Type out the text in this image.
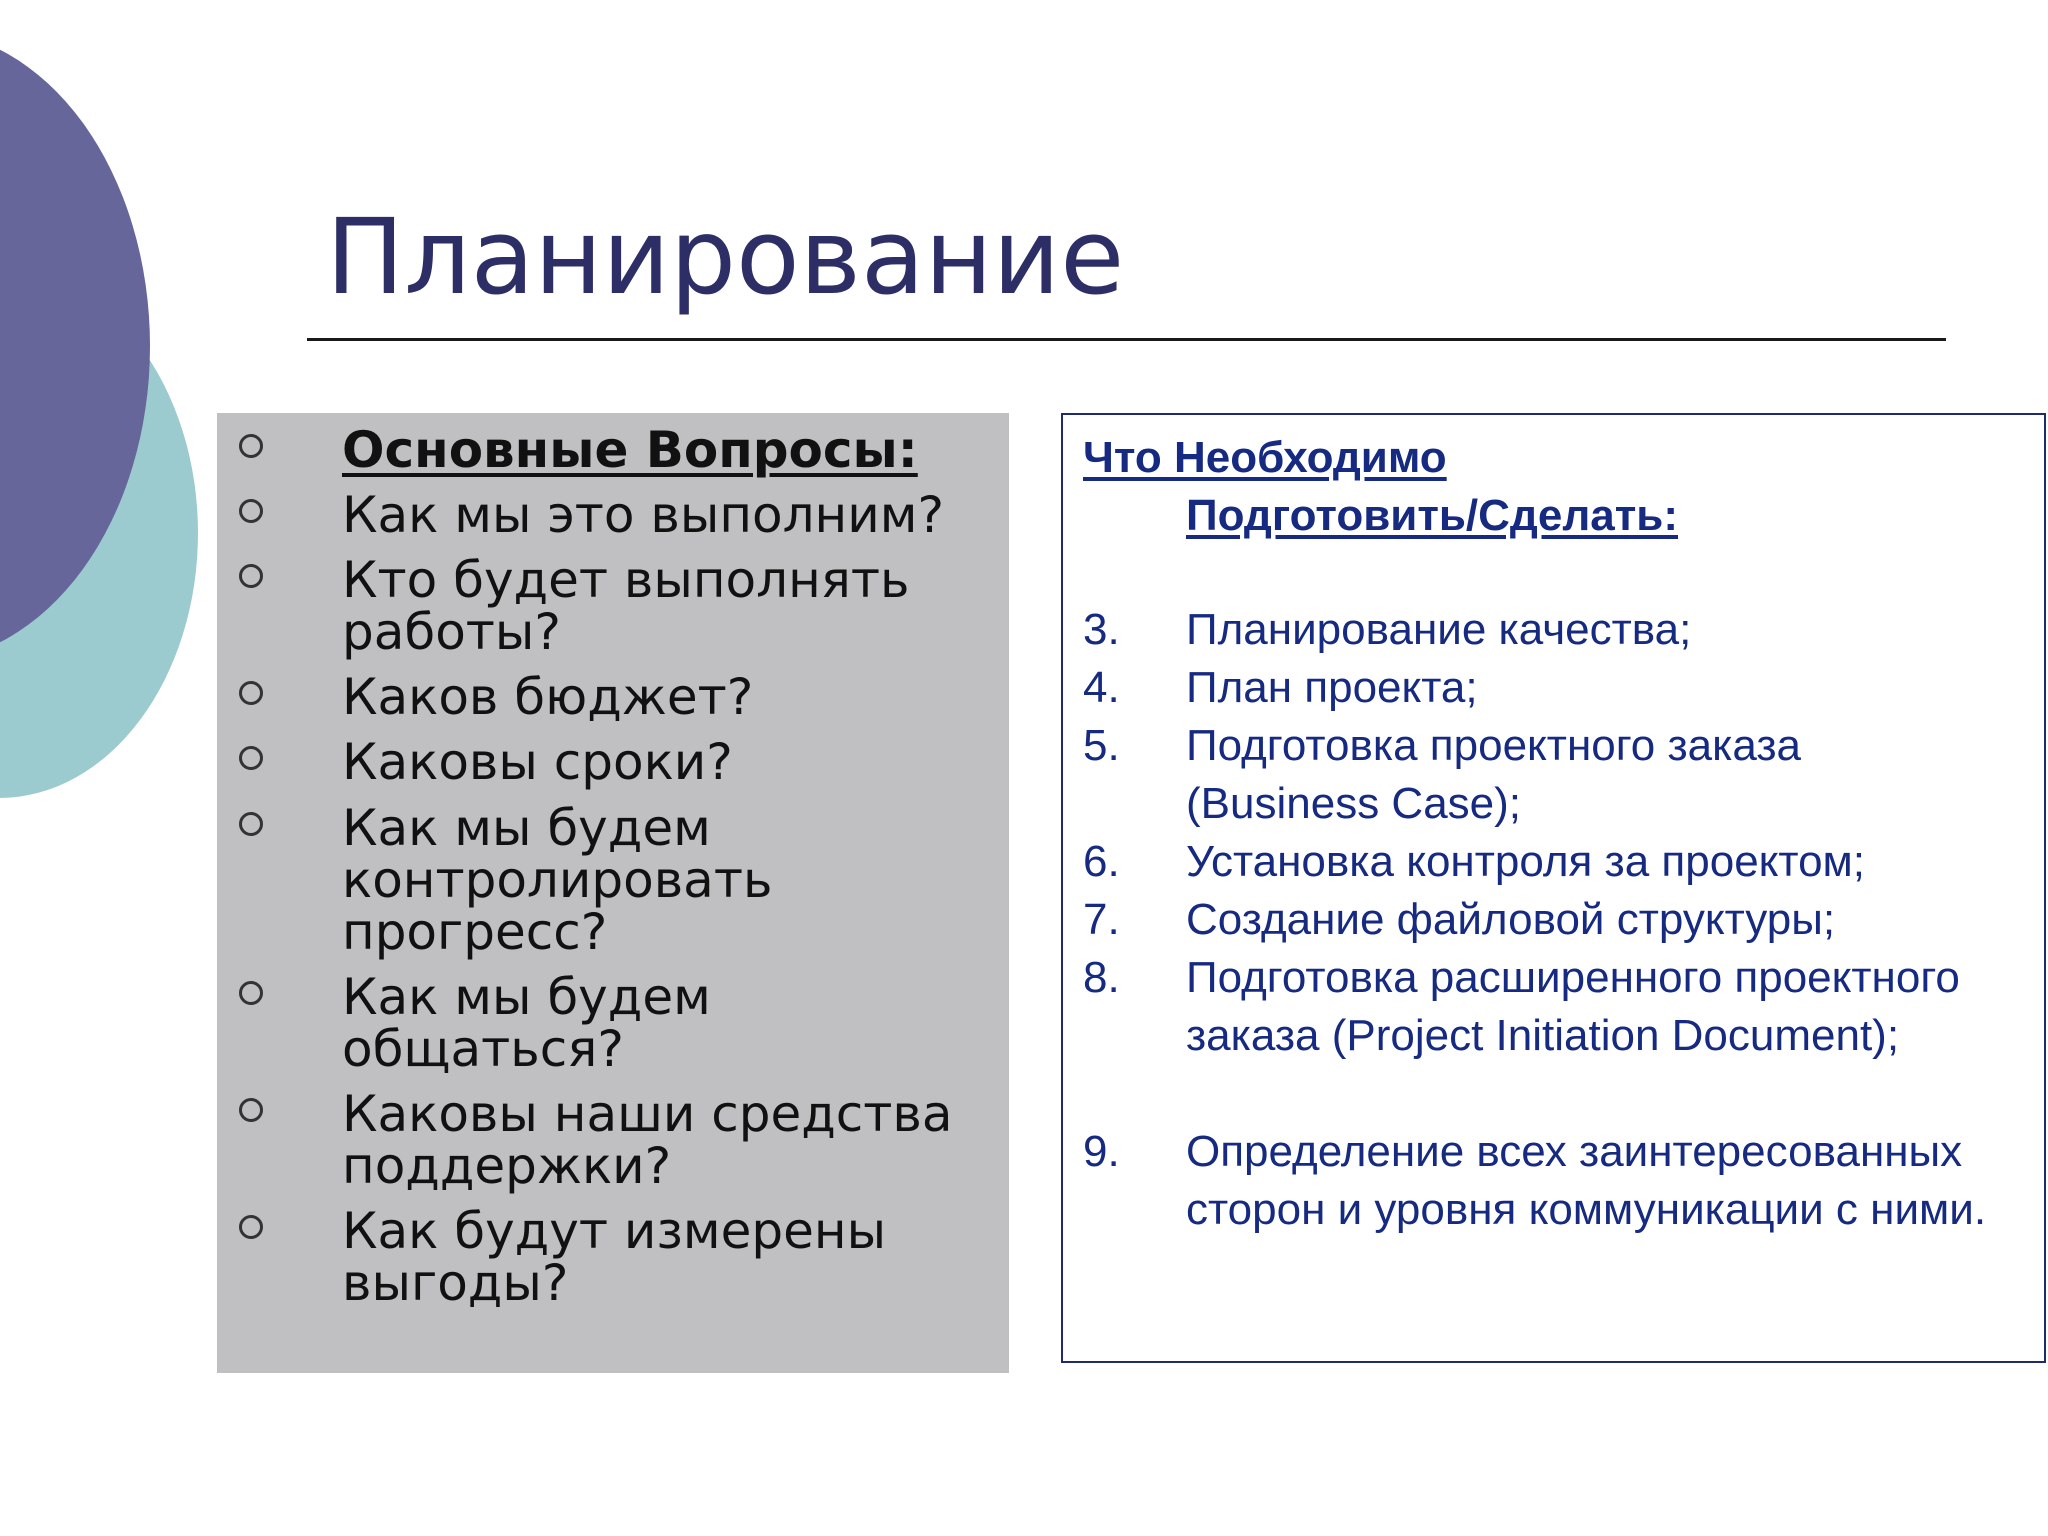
Планирование
Основные Вопросы:
Как мы это выполним?
Кто будет выполнять работы?
Каков бюджет?
Каковы сроки?
Как мы будем контролировать прогресс?
Как мы будем общаться?
Каковы наши средства поддержки?
Как будут измерены выгоды?
Что Необходимо
Подготовить/Сделать:
3. Планирование качества;
4. План проекта;
5. Подготовка проектного заказа (Business Case);
6. Установка контроля за проектом;
7. Создание файловой структуры;
8. Подготовка расширенного проектного заказа (Project Initiation Document);
9. Определение всех заинтересованных сторон и уровня коммуникации с ними.
